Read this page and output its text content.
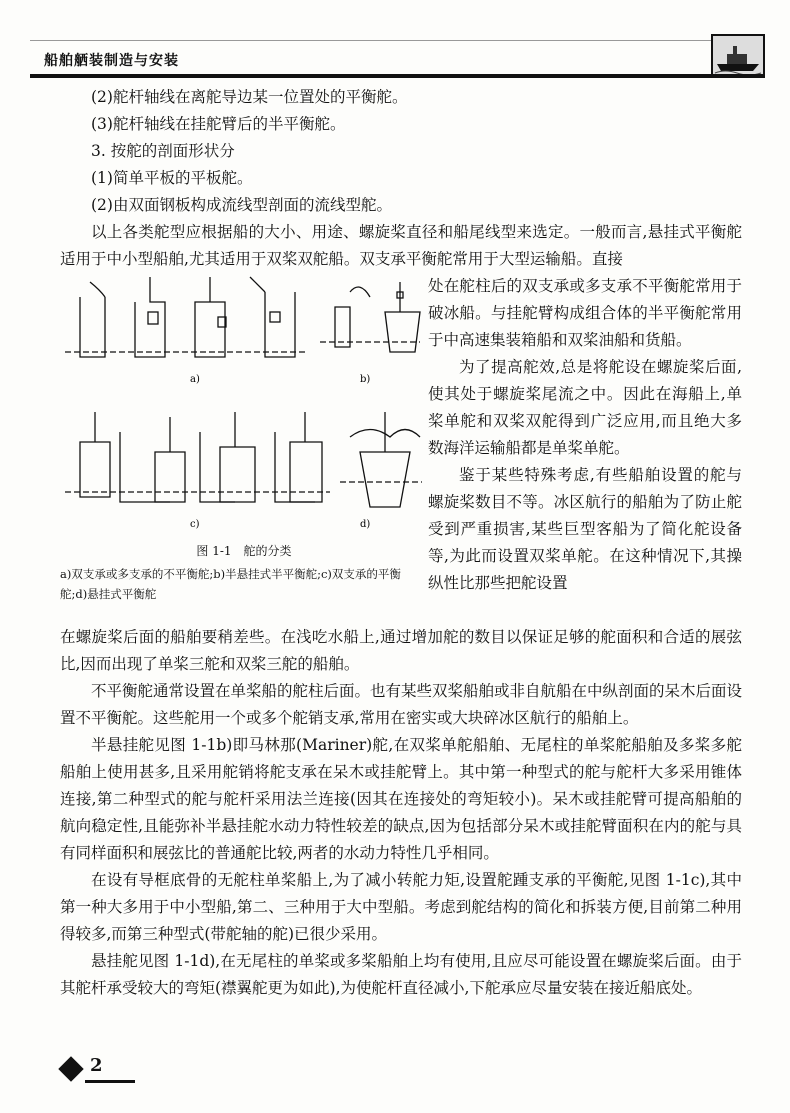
船舶舾装制造与安装

(2)舵杆轴线在离舵导边某一位置处的平衡舵。

(3)舵杆轴线在挂舵臂后的半平衡舵。

3. 按舵的剖面形状分

(1)简单平板的平板舵。

(2)由双面钢板构成流线型剖面的流线型舵。

以上各类舵型应根据船的大小、用途、螺旋桨直径和船尾线型来选定。一般而言,悬挂式平衡舵适用于中小型船舶,尤其适用于双桨双舵船。双支承平衡舵常用于大型运输船。直接

处在舵柱后的双支承或多支承不平衡舵常用于破冰船。与挂舵臂构成组合体的半平衡舵常用于中高速集装箱船和双桨油船和货船。

为了提高舵效,总是将舵设在螺旋桨后面,使其处于螺旋桨尾流之中。因此在海船上,单桨单舵和双桨双舵得到广泛应用,而且绝大多数海洋运输船都是单桨单舵。

鉴于某些特殊考虑,有些船舶设置的舵与螺旋桨数目不等。冰区航行的船舶为了防止舵受到严重损害,某些巨型客船为了简化舵设备等,为此而设置双桨单舵。在这种情况下,其操纵性比那些把舵设置

a)	b)
c)	d)
图 1-1　舵的分类
a)双支承或多支承的不平衡舵;b)半悬挂式半平衡舵;c)双支承的平衡舵;d)悬挂式平衡舵

在螺旋桨后面的船舶要稍差些。在浅吃水船上,通过增加舵的数目以保证足够的舵面积和合适的展弦比,因而出现了单桨三舵和双桨三舵的船舶。

不平衡舵通常设置在单桨船的舵柱后面。也有某些双桨船舶或非自航船在中纵剖面的呆木后面设置不平衡舵。这些舵用一个或多个舵销支承,常用在密实或大块碎冰区航行的船舶上。

半悬挂舵见图 1-1b)即马林那(Mariner)舵,在双桨单舵船舶、无尾柱的单桨舵船舶及多桨多舵船舶上使用甚多,且采用舵销将舵支承在呆木或挂舵臂上。其中第一种型式的舵与舵杆大多采用锥体连接,第二种型式的舵与舵杆采用法兰连接(因其在连接处的弯矩较小)。呆木或挂舵臂可提高船舶的航向稳定性,且能弥补半悬挂舵水动力特性较差的缺点,因为包括部分呆木或挂舵臂面积在内的舵与具有同样面积和展弦比的普通舵比较,两者的水动力特性几乎相同。

在设有导框底骨的无舵柱单桨船上,为了减小转舵力矩,设置舵踵支承的平衡舵,见图 1-1c),其中第一种大多用于中小型船,第二、三种用于大中型船。考虑到舵结构的简化和拆装方便,目前第二种用得较多,而第三种型式(带舵轴的舵)已很少采用。

悬挂舵见图 1-1d),在无尾柱的单桨或多桨船舶上均有使用,且应尽可能设置在螺旋桨后面。由于其舵杆承受较大的弯矩(襟翼舵更为如此),为使舵杆直径减小,下舵承应尽量安装在接近船底处。

2
